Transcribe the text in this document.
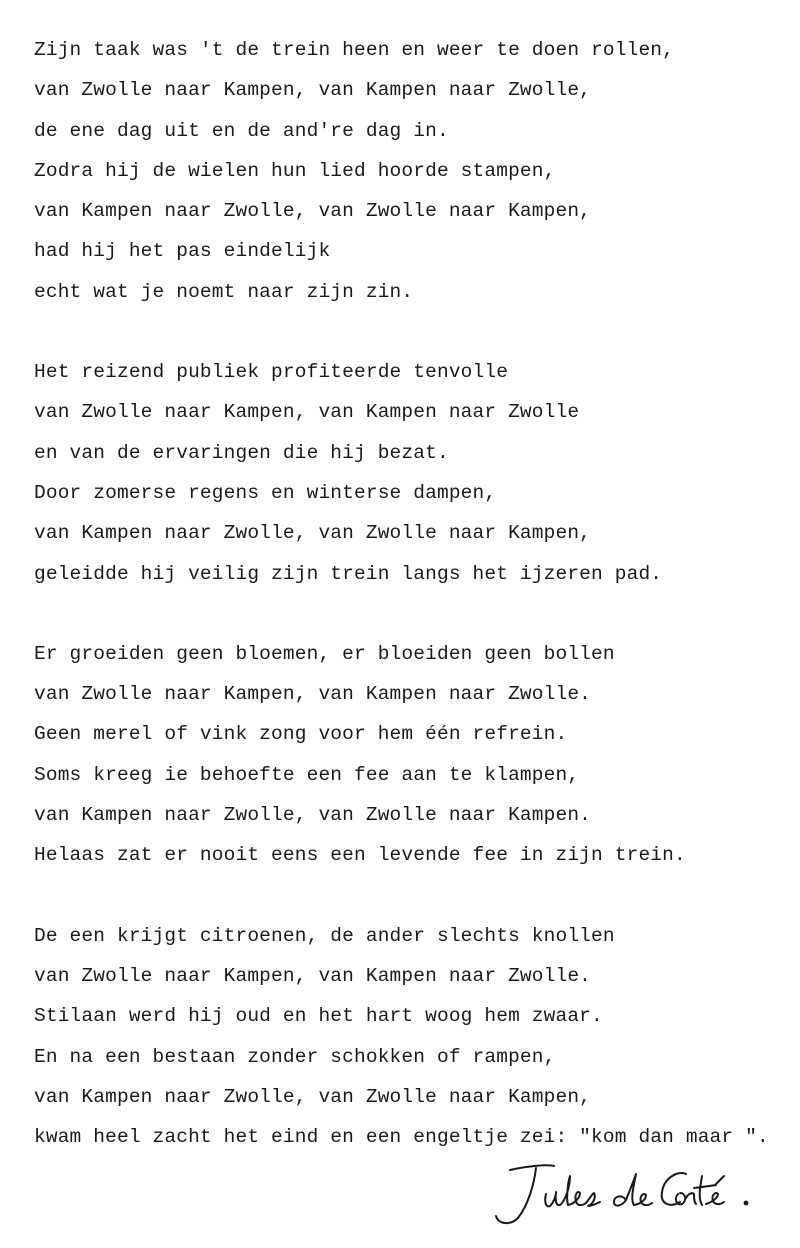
Zijn taak was 't de trein heen en weer te doen rollen,
van Zwolle naar Kampen, van Kampen naar Zwolle,
de ene dag uit en de and're dag in.
Zodra hij de wielen hun lied hoorde stampen,
van Kampen naar Zwolle, van Zwolle naar Kampen,
had hij het pas eindelijk
echt wat je noemt naar zijn zin.
Het reizend publiek profiteerde tenvolle
van Zwolle naar Kampen, van Kampen naar Zwolle
en van de ervaringen die hij bezat.
Door zomerse regens en winterse dampen,
van Kampen naar Zwolle, van Zwolle naar Kampen,
geleidde hij veilig zijn trein langs het ijzeren pad.
Er groeiden geen bloemen, er bloeiden geen bollen
van Zwolle naar Kampen, van Kampen naar Zwolle.
Geen merel of vink zong voor hem één refrein.
Soms kreeg ie behoefte een fee aan te klampen,
van Kampen naar Zwolle, van Zwolle naar Kampen.
Helaas zat er nooit eens een levende fee in zijn trein.
De een krijgt citroenen, de ander slechts knollen
van Zwolle naar Kampen, van Kampen naar Zwolle.
Stilaan werd hij oud en het hart woog hem zwaar.
En na een bestaan zonder schokken of rampen,
van Kampen naar Zwolle, van Zwolle naar Kampen,
kwam heel zacht het eind en een engeltje zei: "kom dan maar ".
